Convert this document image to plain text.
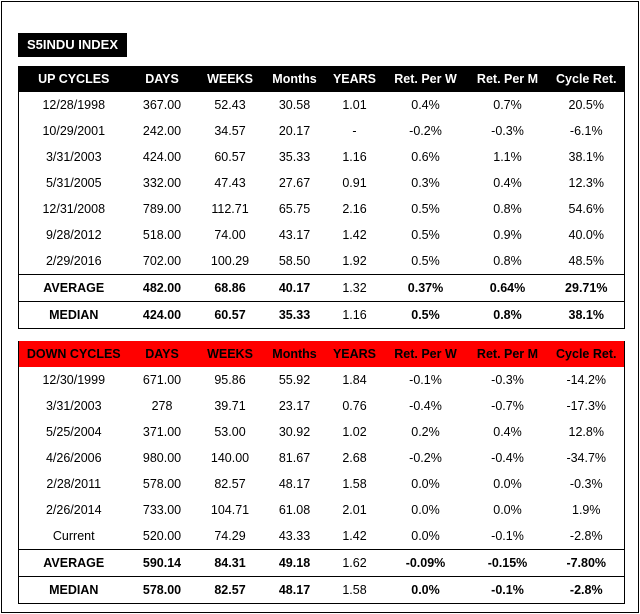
S5INDU INDEX
UP CYCLES	DAYS	WEEKS	Months	YEARS	Ret. Per W	Ret. Per M	Cycle Ret.
12/28/1998	367.00	52.43	30.58	1.01	0.4%	0.7%	20.5%
10/29/2001	242.00	34.57	20.17	-	-0.2%	-0.3%	-6.1%
3/31/2003	424.00	60.57	35.33	1.16	0.6%	1.1%	38.1%
5/31/2005	332.00	47.43	27.67	0.91	0.3%	0.4%	12.3%
12/31/2008	789.00	112.71	65.75	2.16	0.5%	0.8%	54.6%
9/28/2012	518.00	74.00	43.17	1.42	0.5%	0.9%	40.0%
2/29/2016	702.00	100.29	58.50	1.92	0.5%	0.8%	48.5%
AVERAGE	482.00	68.86	40.17	1.32	0.37%	0.64%	29.71%
MEDIAN	424.00	60.57	35.33	1.16	0.5%	0.8%	38.1%
DOWN CYCLES	DAYS	WEEKS	Months	YEARS	Ret. Per W	Ret. Per M	Cycle Ret.
12/30/1999	671.00	95.86	55.92	1.84	-0.1%	-0.3%	-14.2%
3/31/2003	278	39.71	23.17	0.76	-0.4%	-0.7%	-17.3%
5/25/2004	371.00	53.00	30.92	1.02	0.2%	0.4%	12.8%
4/26/2006	980.00	140.00	81.67	2.68	-0.2%	-0.4%	-34.7%
2/28/2011	578.00	82.57	48.17	1.58	0.0%	0.0%	-0.3%
2/26/2014	733.00	104.71	61.08	2.01	0.0%	0.0%	1.9%
Current	520.00	74.29	43.33	1.42	0.0%	-0.1%	-2.8%
AVERAGE	590.14	84.31	49.18	1.62	-0.09%	-0.15%	-7.80%
MEDIAN	578.00	82.57	48.17	1.58	0.0%	-0.1%	-2.8%
